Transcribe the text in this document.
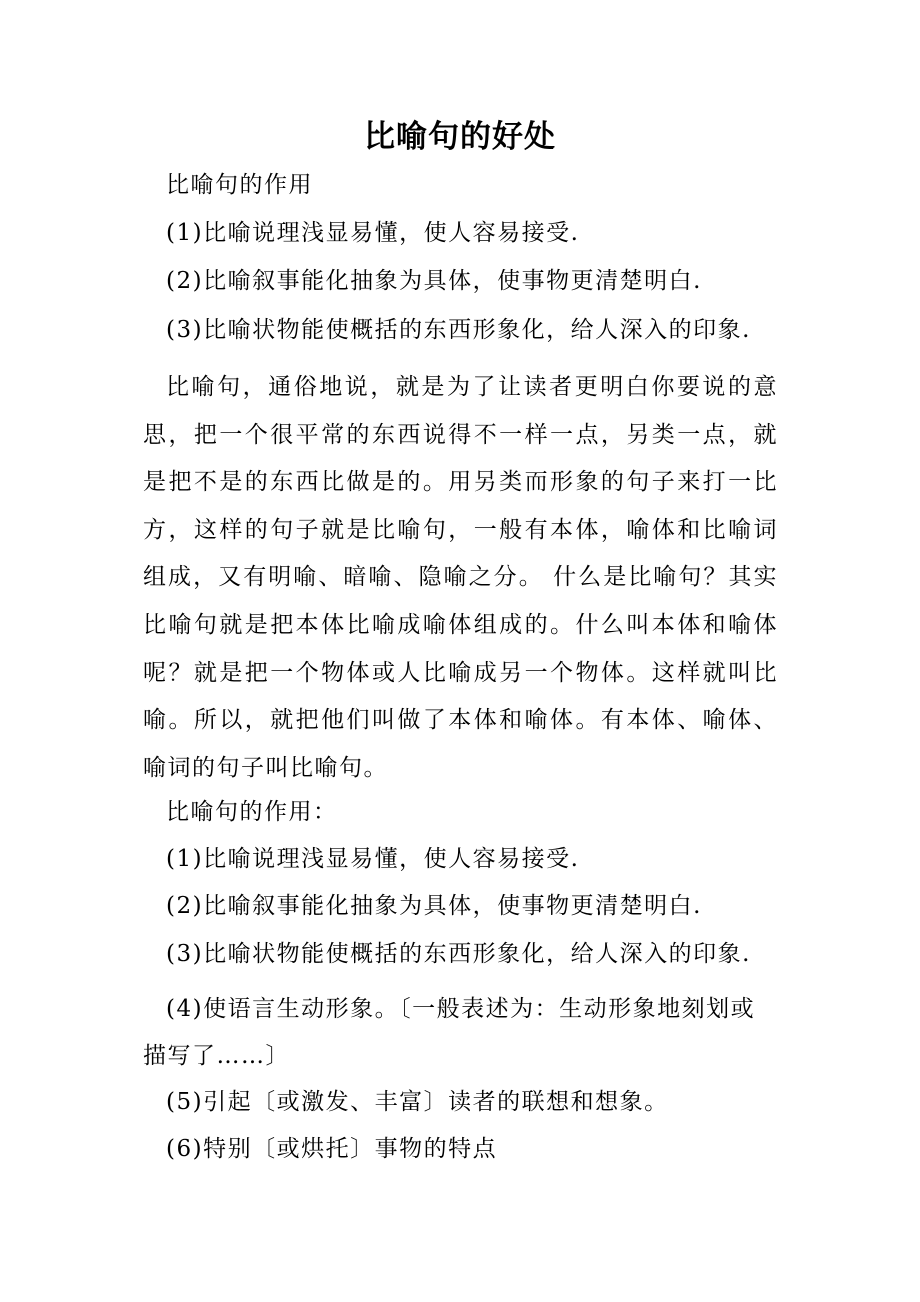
比喻句的好处
比喻句的作用
(1)比喻说理浅显易懂，使人容易接受.
(2)比喻叙事能化抽象为具体，使事物更清楚明白.
(3)比喻状物能使概括的东西形象化，给人深入的印象.
比喻句，通俗地说，就是为了让读者更明白你要说的意思，把一个很平常的东西说得不一样一点，另类一点，就是把不是的东西比做是的。用另类而形象的句子来打一比方，这样的句子就是比喻句，一般有本体，喻体和比喻词组成，又有明喻、暗喻、隐喻之分。 什么是比喻句？其实比喻句就是把本体比喻成喻体组成的。什么叫本体和喻体呢？就是把一个物体或人比喻成另一个物体。这样就叫比喻。所以，就把他们叫做了本体和喻体。有本体、喻体、喻词的句子叫比喻句。
比喻句的作用：
(1)比喻说理浅显易懂，使人容易接受.
(2)比喻叙事能化抽象为具体，使事物更清楚明白.
(3)比喻状物能使概括的东西形象化，给人深入的印象.
(4)使语言生动形象。〔一般表述为：生动形象地刻划或描写了……〕
(5)引起〔或激发、丰富〕读者的联想和想象。
(6)特别〔或烘托〕事物的特点
